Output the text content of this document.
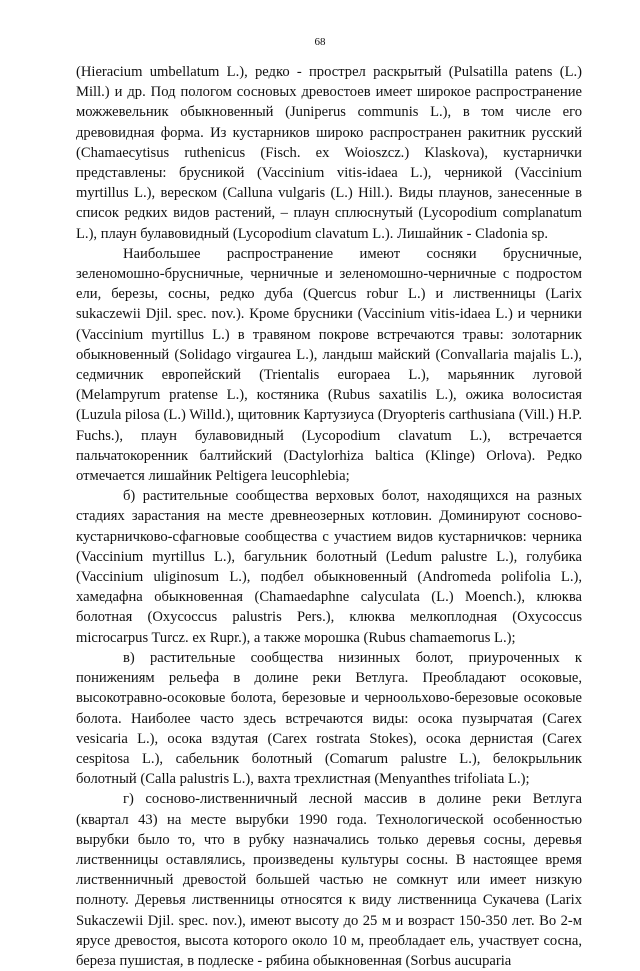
68

(Hieracium umbellatum L.), редко - прострел раскрытый (Pulsatilla patens (L.) Mill.) и др. Под пологом сосновых древостоев имеет широкое распространение можжевельник обыкновенный (Juniperus communis L.), в том числе его древовидная форма. Из кустарников широко распространен ракитник русский (Chamaecytisus ruthenicus (Fisch. ex Woioszcz.) Klaskova), кустарнички представлены: брусникой (Vaccinium vitis-idaea L.), черникой (Vaccinium myrtillus L.), вереском (Calluna vulgaris (L.) Hill.). Виды плаунов, занесенные в список редких видов растений, – плаун сплюснутый (Lycopodium complanatum L.), плаун булавовидный (Lycopodium clavatum L.). Лишайник - Cladonia sp.

Наибольшее распространение имеют сосняки брусничные, зеленомошно-брусничные, черничные и зеленомошно-черничные с подростом ели, березы, сосны, редко дуба (Quercus robur L.) и лиственницы (Larix sukaczewii Djil. spec. nov.). Кроме брусники (Vaccinium vitis-idaea L.) и черники (Vaccinium myrtillus L.) в травяном покрове встречаются травы: золотарник обыкновенный (Solidago virgaurea L.), ландыш майский (Convallaria majalis L.), седмичник европейский (Trientalis europaea L.), марьянник луговой (Melampyrum pratense L.), костяника (Rubus saxatilis L.), ожика волосистая (Luzula pilosa (L.) Willd.), щитовник Картузиуса (Dryopteris carthusiana (Vill.) H.P. Fuchs.), плаун булавовидный (Lycopodium clavatum L.), встречается пальчатокоренник балтийский (Dactylorhiza baltica (Klinge) Orlova). Редко отмечается лишайник Peltigera leucophlebia;

б) растительные сообщества верховых болот, находящихся на разных стадиях зарастания на месте древнеозерных котловин. Доминируют сосново-кустарничково-сфагновые сообщества с участием видов кустарничков: черника (Vaccinium myrtillus L.), багульник болотный (Ledum palustre L.), голубика (Vaccinium uliginosum L.), подбел обыкновенный (Andromeda polifolia L.), хамедафна обыкновенная (Chamaedaphne calyculata (L.) Moench.), клюква болотная (Oxycoccus palustris Pers.), клюква мелкоплодная (Oxycoccus microcarpus Turcz. ex Rupr.), а также морошка (Rubus chamaemorus L.);

в) растительные сообщества низинных болот, приуроченных к понижениям рельефа в долине реки Ветлуга. Преобладают осоковые, высокотравно-осоковые болота, березовые и черноольхово-березовые осоковые болота. Наиболее часто здесь встречаются виды: осока пузырчатая (Carex vesicaria L.), осока вздутая (Carex rostrata Stokes), осока дернистая (Carex cespitosa L.), сабельник болотный (Comarum palustre L.), белокрыльник болотный (Calla palustris L.), вахта трехлистная (Menyanthes trifoliata L.);

г) сосново-лиственничный лесной массив в долине реки Ветлуга (квартал 43) на месте вырубки 1990 года. Технологической особенностью вырубки было то, что в рубку назначались только деревья сосны, деревья лиственницы оставлялись, произведены культуры сосны. В настоящее время лиственничный древостой большей частью не сомкнут или имеет низкую полноту. Деревья лиственницы относятся к виду лиственница Сукачева (Larix Sukaczewii Djil. spec. nov.), имеют высоту до 25 м и возраст 150-350 лет. Во 2-м ярусе древостоя, высота которого около 10 м, преобладает ель, участвует сосна, береза пушистая, в подлеске - рябина обыкновенная (Sorbus aucuparia
